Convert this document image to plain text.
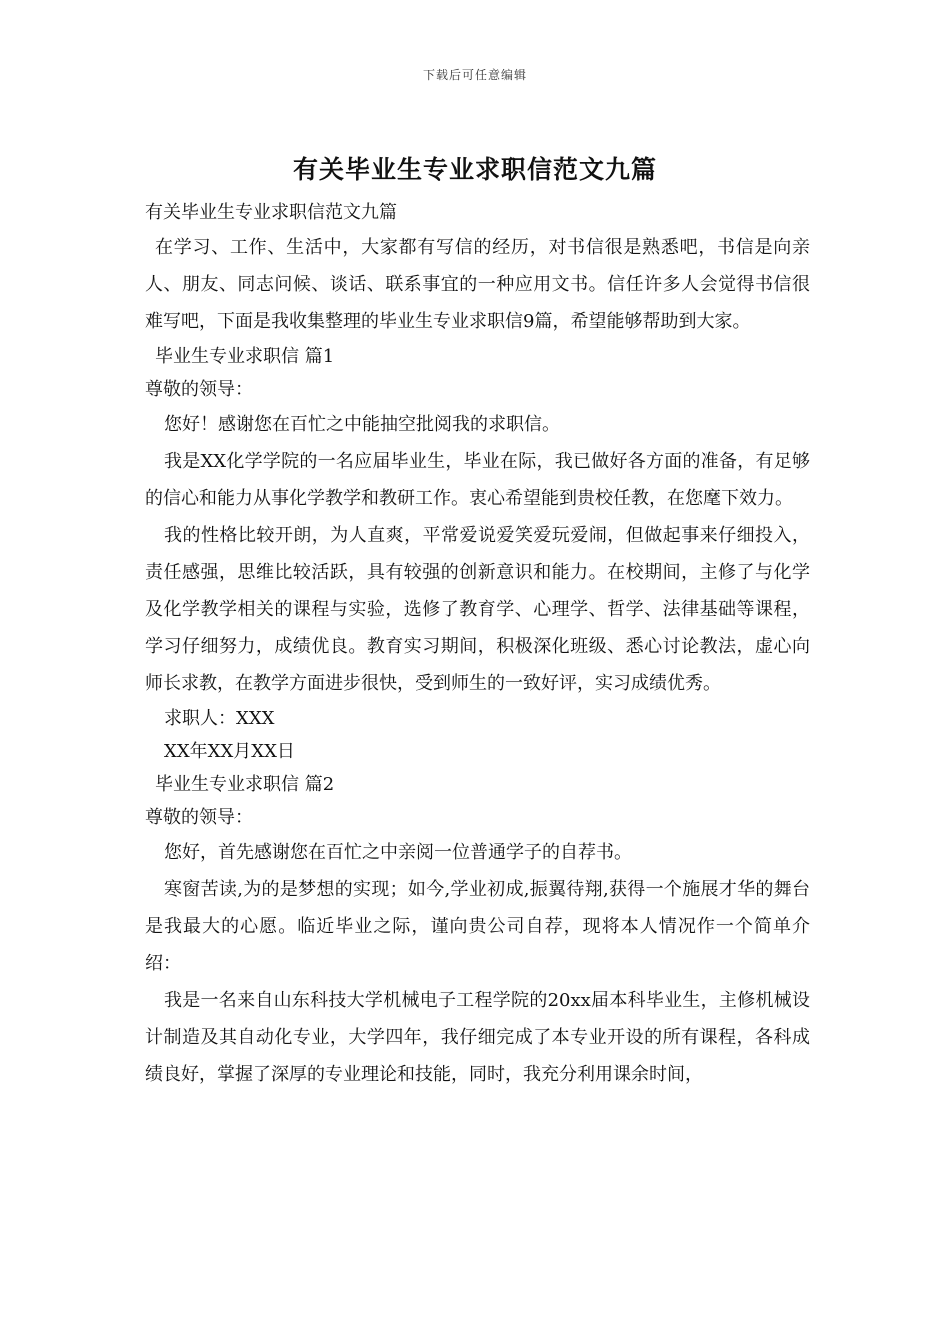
下载后可任意编辑
有关毕业生专业求职信范文九篇

有关毕业生专业求职信范文九篇

在学习、工作、生活中，大家都有写信的经历，对书信很是熟悉吧，书信是向亲人、朋友、同志问候、谈话、联系事宜的一种应用文书。信任许多人会觉得书信很难写吧，下面是我收集整理的毕业生专业求职信9篇，希望能够帮助到大家。

毕业生专业求职信 篇1

尊敬的领导：

您好！感谢您在百忙之中能抽空批阅我的求职信。

我是XX化学学院的一名应届毕业生，毕业在际，我已做好各方面的准备，有足够的信心和能力从事化学教学和教研工作。衷心希望能到贵校任教，在您麾下效力。

我的性格比较开朗，为人直爽，平常爱说爱笑爱玩爱闹，但做起事来仔细投入，责任感强，思维比较活跃，具有较强的创新意识和能力。在校期间，主修了与化学及化学教学相关的课程与实验，选修了教育学、心理学、哲学、法律基础等课程，学习仔细努力，成绩优良。教育实习期间，积极深化班级、悉心讨论教法，虚心向师长求教，在教学方面进步很快，受到师生的一致好评，实习成绩优秀。

求职人：XXX

XX年XX月XX日

毕业生专业求职信 篇2

尊敬的领导：

您好，首先感谢您在百忙之中亲阅一位普通学子的自荐书。

寒窗苦读,为的是梦想的实现；如今,学业初成,振翼待翔,获得一个施展才华的舞台是我最大的心愿。临近毕业之际，谨向贵公司自荐，现将本人情况作一个简单介绍：

我是一名来自山东科技大学机械电子工程学院的20xx届本科毕业生，主修机械设计制造及其自动化专业，大学四年，我仔细完成了本专业开设的所有课程，各科成绩良好，掌握了深厚的专业理论和技能，同时，我充分利用课余时间，
